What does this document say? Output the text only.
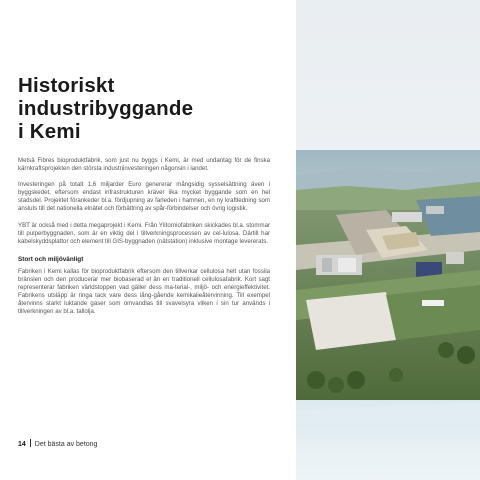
Historiskt
industribyggande
i Kemi

Metsä Fibres bioproduktfabrik, som just nu byggs i Kemi, är med undantag för de finska kärnkraftsprojekten den största industriinvesteringen någonsin i landet.

Investeringen på totalt 1,6 miljarder Euro genererar mångsidig sysselsättning även i byggskedet, eftersom endast infrastrukturen kräver lika mycket byggande som en hel stadsdel. Projektet förankeder bl.a. fördjupning av farleden i hamnen, en ny kraftledning som ansluts till det nationella elnätet och förbättring av spår-förbindelser och övrig logistik.

YBT är också med i detta megaprojekt i Kemi. Från Ylitorniofabriken skickades bl.a. stommar till pulperbyggnaden, som är en viktig del i tillverkningsprocessen av cel-lulosa. Därtill har kabelskyddsplattor och element till GIS-byggnaden (nätstation) inklusive montage levererats.

Stort och miljövänligt

Fabriken i Kemi kallas för bioproduktfabrik eftersom den tillverkar cellulosa helt utan fossila bränslen och den producerar mer biobaserad el än en traditionell cellulosafabrik. Kort sagt representerar fabriken världstoppen vad gäller dess ma-terial-, miljö- och energieffektivitet. Fabrikens utsläpp är ringa tack vare dess lång-gående kemikalieåtervinning. Till exempel återvinns starkt luktande gaser som omvandlas till svavelsyra vilken i sin tur används i tillverkningen av bl.a. tallolja.

14 Det bästa av betong
